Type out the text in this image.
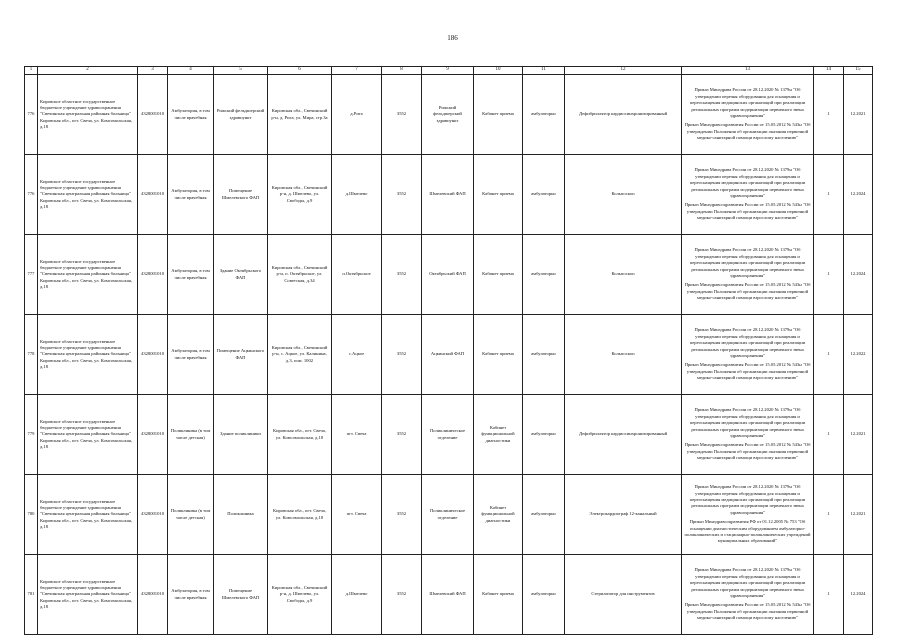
186
1	2	3	4	5	6	7	8	9	10	11	12	13	14	15
776	Кировское областное государственное бюджетное учреждение здравоохранения "Свечинская центральная районная больница" Кировская обл., пгт. Свеча, ул. Комсомольская, д.18	4328001010	Амбулатория, в том числе врачебная	Рижский фельдшерский здравпункт	Кировская обл., Свечинский р-н, д. Рига, ул. Мира, стр.3а	д.Рига	3552	Рижский фельдшерский здравпункт	Кабинет приема	амбулаторно	Дефибриллятор кардиосинхронизированный	Приказ Минздрава России от 28.12.2020 № 1379н "Об утверждении перечня оборудования для оснащения и переоснащения медицинских организаций при реализации региональных программ модернизации первичного звена здравоохранения"
Приказ Минздравсоцразвития России от 15.05.2012 № 543н "Об утверждении Положения об организации оказания первичной медико-санитарной помощи взрослому населению"	1	12.2021
776	Кировское областное государственное бюджетное учреждение здравоохранения "Свечинская центральная районная больница" Кировская обл., пгт. Свеча, ул. Комсомольская, д.18	4328001010	Амбулатория, в том числе врачебная	Помещение Шмелевского ФАП	Кировская обл., Свечинский р-н, д. Шмелево, ул. Свободы, д.9	д.Шмелево	3552	Шмелевский ФАП	Кабинет приема	амбулаторно	Кольпоскоп	Приказ Минздрава России от 28.12.2020 № 1379н "Об утверждении перечня оборудования для оснащения и переоснащения медицинских организаций при реализации региональных программ модернизации первичного звена здравоохранения"
Приказ Минздравсоцразвития России от 15.05.2012 № 543н "Об утверждении Положения об организации оказания первичной медико-санитарной помощи взрослому населению"	1	12.2024
777	Кировское областное государственное бюджетное учреждение здравоохранения "Свечинская центральная районная больница" Кировская обл., пгт. Свеча, ул. Комсомольская, д.18	4328001010	Амбулатория, в том числе врачебная	Здание Октябрьского ФАП	Кировская обл., Свечинский р-н, п. Октябрьское, ул. Советская, д.34	п.Октябрьское	3552	Октябрьский ФАП	Кабинет приема	амбулаторно	Кольпоскоп	Приказ Минздрава России от 28.12.2020 № 1379н "Об утверждении перечня оборудования для оснащения и переоснащения медицинских организаций при реализации региональных программ модернизации первичного звена здравоохранения"
Приказ Минздравсоцразвития России от 15.05.2012 № 543н "Об утверждении Положения об организации оказания первичной медико-санитарной помощи взрослому населению"	1	12.2024
778	Кировское областное государственное бюджетное учреждение здравоохранения "Свечинская центральная районная больница" Кировская обл., пгт. Свеча, ул. Комсомольская, д.18	4328001010	Амбулатория, в том числе врачебная	Помещение Ацкинского ФАП	Кировская обл., Свечинский р-н, с. Ацкое, ул. Калинина, д.3, пом. 1002	с.Ацкое	3552	Ацкинский ФАП	Кабинет приема	амбулаторно	Кольпоскоп	Приказ Минздрава России от 28.12.2020 № 1379н "Об утверждении перечня оборудования для оснащения и переоснащения медицинских организаций при реализации региональных программ модернизации первичного звена здравоохранения"
Приказ Минздравсоцразвития России от 15.05.2012 № 543н "Об утверждении Положения об организации оказания первичной медико-санитарной помощи взрослому населению"	1	12.2022
779	Кировское областное государственное бюджетное учреждение здравоохранения "Свечинская центральная районная больница" Кировская обл., пгт. Свеча, ул. Комсомольская, д.18	4328001010	Поликлиника (в том числе детская)	Здание поликлиники	Кировская обл., пгт. Свеча, ул. Комсомольская, д.18	пгт. Свеча	3552	Поликлиническое отделение	Кабинет функциональной диагностики	амбулаторно	Дефибриллятор кардиосинхронизированный	Приказ Минздрава России от 28.12.2020 № 1379н "Об утверждении перечня оборудования для оснащения и переоснащения медицинских организаций при реализации региональных программ модернизации первичного звена здравоохранения"
Приказ Минздравсоцразвития России от 15.05.2012 № 543н "Об утверждении Положения об организации оказания первичной медико-санитарной помощи взрослому населению"	1	12.2021
780	Кировское областное государственное бюджетное учреждение здравоохранения "Свечинская центральная районная больница" Кировская обл., пгт. Свеча, ул. Комсомольская, д.18	4328001010	Поликлиника (в том числе детская)	Поликлиника	Кировская обл., пгт. Свеча, ул. Комсомольская, д.18	пгт. Свеча	3552	Поликлиническое отделение	Кабинет функциональной диагностики	амбулаторно	Электрокардиограф 12-канальный	Приказ Минздрава России от 28.12.2020 № 1379н "Об утверждении перечня оборудования для оснащения и переоснащения медицинских организаций при реализации региональных программ модернизации первичного звена здравоохранения"
Приказ Минздравсоцразвития РФ от 01.12.2005 № 753 "Об оснащении диагностическим оборудованием амбулаторно-поликлинических и стационарно-поликлинических учреждений муниципальных образований"	1	12.2021
781	Кировское областное государственное бюджетное учреждение здравоохранения "Свечинская центральная районная больница" Кировская обл., пгт. Свеча, ул. Комсомольская, д.18	4328001010	Амбулатория, в том числе врачебная	Помещение Шмелевского ФАП	Кировская обл., Свечинский р-н, д. Шмелево, ул. Свободы, д.9	д.Шмелево	3552	Шмелевский ФАП	Кабинет приема	амбулаторно	Стерилизатор для инструментов	Приказ Минздрава России от 28.12.2020 № 1379н "Об утверждении перечня оборудования для оснащения и переоснащения медицинских организаций при реализации региональных программ модернизации первичного звена здравоохранения"
Приказ Минздравсоцразвития России от 15.05.2012 № 543н "Об утверждении Положения об организации оказания первичной медико-санитарной помощи взрослому населению"	1	12.2024
